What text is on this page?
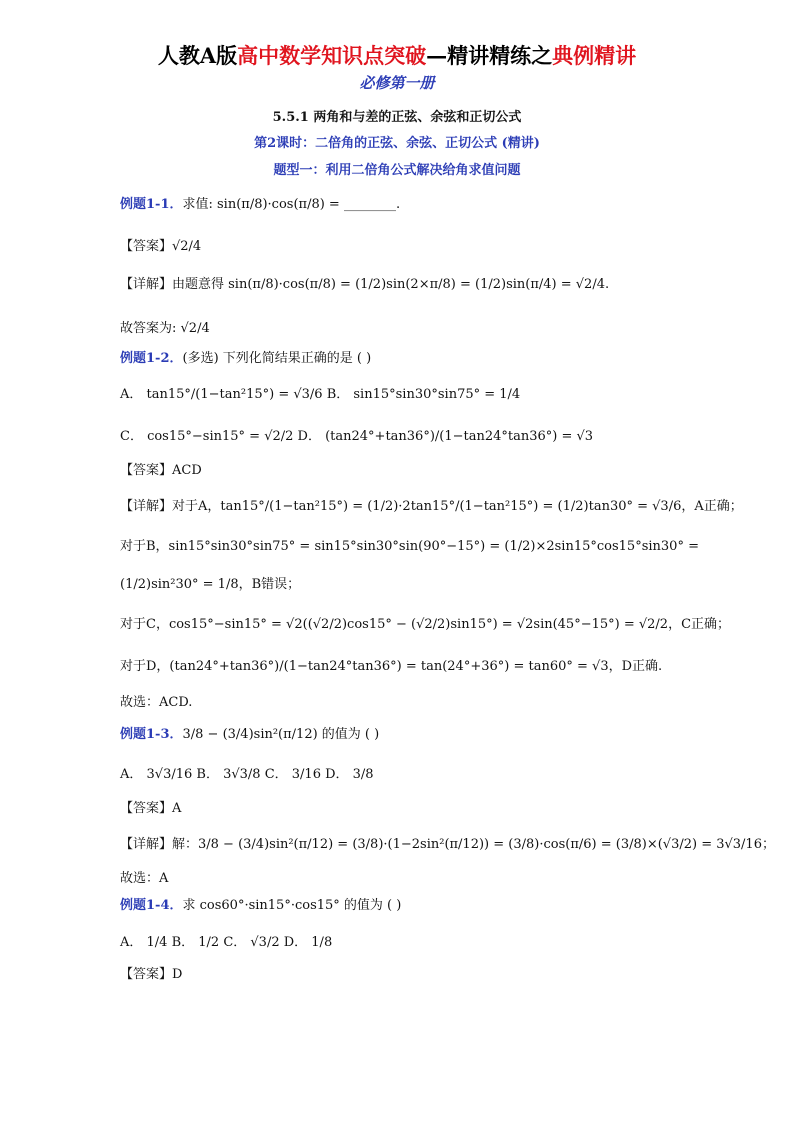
人教A版高中数学知识点突破—精讲精练之典例精讲
必修第一册
5.5.1 两角和与差的正弦、余弦和正切公式
第2课时：二倍角的正弦、余弦、正切公式 (精讲)
题型一：利用二倍角公式解决给角求值问题
例题1-1．求值: sin(π/8)·cos(π/8) = ________.
【答案】√2/4
【详解】由题意得 sin(π/8)·cos(π/8) = (1/2)sin(2×π/8) = (1/2)sin(π/4) = √2/4.
故答案为: √2/4
例题1-2．(多选) 下列化简结果正确的是 ( )
A． tan15°/(1−tan²15°) = √3/6 B． sin15°sin30°sin75° = 1/4
C． cos15°−sin15° = √2/2 D． (tan24°+tan36°)/(1−tan24°tan36°) = √3
【答案】ACD
【详解】对于A，tan15°/(1−tan²15°) = (1/2)·2tan15°/(1−tan²15°) = (1/2)tan30° = √3/6，A正确；
对于B，sin15°sin30°sin75° = sin15°sin30°sin(90°−15°) = (1/2)×2sin15°cos15°sin30° =
(1/2)sin²30° = 1/8，B错误；
对于C，cos15°−sin15° = √2((√2/2)cos15° − (√2/2)sin15°) = √2sin(45°−15°) = √2/2，C正确；
对于D，(tan24°+tan36°)/(1−tan24°tan36°) = tan(24°+36°) = tan60° = √3，D正确.
故选：ACD.
例题1-3．3/8 − (3/4)sin²(π/12) 的值为 ( )
A． 3√3/16 B． 3√3/8 C． 3/16 D． 3/8
【答案】A
【详解】解：3/8 − (3/4)sin²(π/12) = (3/8)·(1−2sin²(π/12)) = (3/8)·cos(π/6) = (3/8)×(√3/2) = 3√3/16；
故选：A
例题1-4．求 cos60°·sin15°·cos15° 的值为 ( )
A． 1/4 B． 1/2 C． √3/2 D． 1/8
【答案】D
